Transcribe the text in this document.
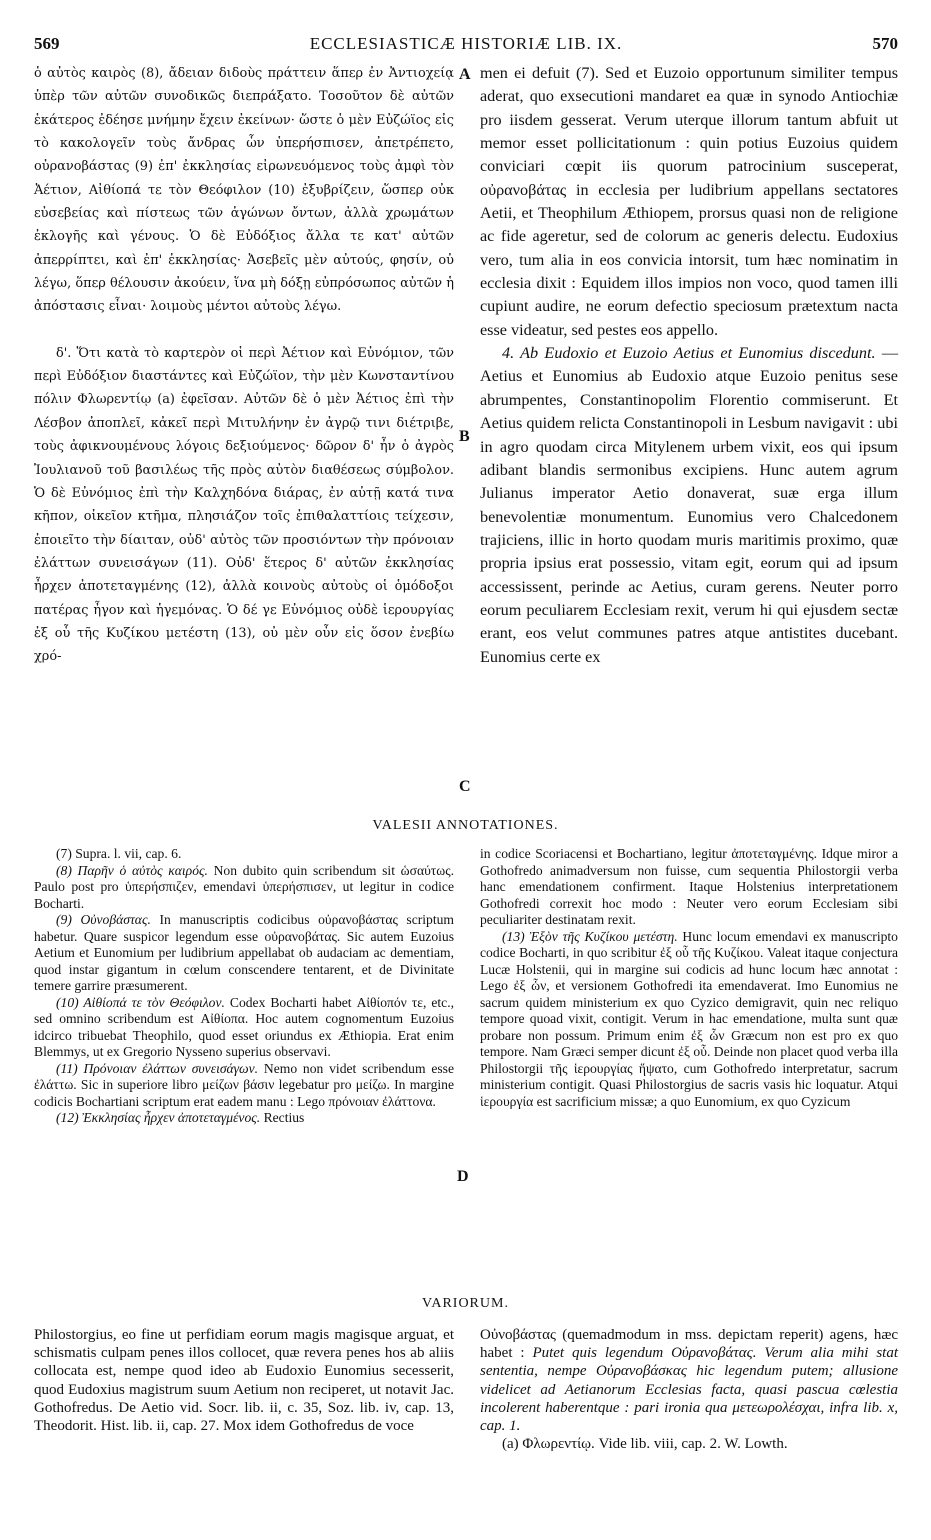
569	ECCLESIASTICÆ HISTORIÆ LIB. IX.	570

ὁ αὐτὸς καιρὸς (8), ἄδειαν διδοὺς πράττειν ἅπερ ἐν Ἀντιοχείᾳ ὑπὲρ τῶν αὐτῶν συνοδικῶς διεπράξατο. Τοσοῦτον δὲ αὐτῶν ἑκάτερος ἐδέησε μνήμην ἔχειν ἐκείνων· ὥστε ὁ μὲν Εὐζώϊος εἰς τὸ κακολογεῖν τοὺς ἄνδρας ὧν ὑπερήσπισεν, ἀπετρέπετο, οὐρανοβάστας (9) ἐπ' ἐκκλησίας εἰρωνευόμενος τοὺς ἀμφὶ τὸν Ἀέτιον, Αἰθίοπά τε τὸν Θεόφιλον (10) ἐξυβρίζειν, ὥσπερ οὐκ εὐσεβείας καὶ πίστεως τῶν ἀγώνων ὄντων, ἀλλὰ χρωμάτων ἐκλογῆς καὶ γένους. Ὁ δὲ Εὐδόξιος ἄλλα τε κατ' αὐτῶν ἀπερρίπτει, καὶ ἐπ' ἐκκλησίας· Ἀσεβεῖς μὲν αὐτούς, φησίν, οὐ λέγω, ὅπερ θέλουσιν ἀκούειν, ἵνα μὴ δόξῃ εὐπρόσωπος αὐτῶν ἡ ἀπόστασις εἶναι· λοιμοὺς μέντοι αὐτοὺς λέγω.

δ'. Ὅτι κατὰ τὸ καρτερὸν οἱ περὶ Ἀέτιον καὶ Εὐνόμιον, τῶν περὶ Εὐδόξιον διαστάντες καὶ Εὐζώϊον, τὴν μὲν Κωνσταντίνου πόλιν Φλωρεντίῳ (a) ἐφεῖσαν. Αὐτῶν δὲ ὁ μὲν Ἀέτιος ἐπὶ τὴν Λέσβον ἀποπλεῖ, κἀκεῖ περὶ Μιτυλήνην ἐν ἀγρῷ τινι διέτριβε, τοὺς ἀφικνουμένους λόγοις δεξιούμενος· δῶρον δ' ἦν ὁ ἀγρὸς Ἰουλιανοῦ τοῦ βασιλέως τῆς πρὸς αὐτὸν διαθέσεως σύμβολον. Ὁ δὲ Εὐνόμιος ἐπὶ τὴν Καλχηδόνα διάρας, ἐν αὐτῇ κατά τινα κῆπον, οἰκεῖον κτῆμα, πλησιάζον τοῖς ἐπιθαλαττίοις τείχεσιν, ἐποιεῖτο τὴν δίαιταν, οὐδ' αὐτὸς τῶν προσιόντων τὴν πρόνοιαν ἐλάττων συνεισάγων (11). Οὐδ' ἕτερος δ' αὐτῶν ἐκκλησίας ἦρχεν ἀποτεταγμένης (12), ἀλλὰ κοινοὺς αὐτοὺς οἱ ὁμόδοξοι πατέρας ἦγον καὶ ἡγεμόνας. Ὁ δέ γε Εὐνόμιος οὐδὲ ἱερουργίας ἐξ οὗ τῆς Κυζίκου μετέστη (13), οὐ μὲν οὖν εἰς ὅσον ἐνεβίω χρό-

men ei defuit (7). Sed et Euzoio opportunum similiter tempus aderat, quo exsecutioni mandaret ea quæ in synodo Antiochiæ pro iisdem gesserat. Verum uterque illorum tantum abfuit ut memor esset pollicitationum : quin potius Euzoius quidem conviciari cœpit iis quorum patrocinium susceperat, οὐρανοβάτας in ecclesia per ludibrium appellans sectatores Aetii, et Theophilum Æthiopem, prorsus quasi non de religione ac fide ageretur, sed de colorum ac generis delectu. Eudoxius vero, tum alia in eos convicia intorsit, tum hæc nominatim in ecclesia dixit : Equidem illos impios non voco, quod tamen illi cupiunt audire, ne eorum defectio speciosum prætextum nacta esse videatur, sed pestes eos appello.

4. Ab Eudoxio et Euzoio Aetius et Eunomius discedunt. — Aetius et Eunomius ab Eudoxio atque Euzoio penitus sese abrumpentes, Constantinopolim Florentio commiserunt. Et Aetius quidem relicta Constantinopoli in Lesbum navigavit : ubi in agro quodam circa Mitylenem urbem vixit, eos qui ipsum adibant blandis sermonibus excipiens. Hunc autem agrum Julianus imperator Aetio donaverat, suæ erga illum benevolentiæ monumentum. Eunomius vero Chalcedonem trajiciens, illic in horto quodam muris maritimis proximo, quæ propria ipsius erat possessio, vitam egit, eorum qui ad ipsum accessissent, perinde ac Aetius, curam gerens. Neuter porro eorum peculiarem Ecclesiam rexit, verum hi qui ejusdem sectæ erant, eos velut communes patres atque antistites ducebant. Eunomius certe ex

A
B
C
D
VALESII ANNOTATIONES.

(7) Supra. l. vii, cap. 6.

(8) Παρῆν ὁ αὐτὸς καιρός. Non dubito quin scribendum sit ὡσαύτως. Paulo post pro ὑπερήσπιζεν, emendavi ὑπερήσπισεν, ut legitur in codice Bocharti.

(9) Οὐνοβάστας. In manuscriptis codicibus οὐρανοβάστας scriptum habetur. Quare suspicor legendum esse οὐρανοβάτας. Sic autem Euzoius Aetium et Eunomium per ludibrium appellabat ob audaciam ac dementiam, quod instar gigantum in cœlum conscendere tentarent, et de Divinitate temere garrire præsumerent.

(10) Αἰθίοπά τε τὸν Θεόφιλον. Codex Bocharti habet Αἰθίοπόν τε, etc., sed omnino scribendum est Αἰθίοπα. Hoc autem cognomentum Euzoius idcirco tribuebat Theophilo, quod esset oriundus ex Æthiopia. Erat enim Blemmys, ut ex Gregorio Nysseno superius observavi.

(11) Πρόνοιαν ἐλάττων συνεισάγων. Nemo non videt scribendum esse ἐλάττω. Sic in superiore libro μείζων βάσιν legebatur pro μείζω. In margine codicis Bochartiani scriptum erat eadem manu : Lego πρόνοιαν ἐλάττονα.

(12) Ἐκκλησίας ἦρχεν ἀποτεταγμένος. Rectius

in codice Scoriacensi et Bochartiano, legitur ἀποτεταγμένης. Idque miror a Gothofredo animadversum non fuisse, cum sequentia Philostorgii verba hanc emendationem confirment. Itaque Holstenius interpretationem Gothofredi correxit hoc modo : Neuter vero eorum Ecclesiam sibi peculiariter destinatam rexit.

(13) Ἐξὸν τῆς Κυζίκου μετέστη. Hunc locum emendavi ex manuscripto codice Bocharti, in quo scribitur ἐξ οὗ τῆς Κυζίκου. Valeat itaque conjectura Lucæ Holstenii, qui in margine sui codicis ad hunc locum hæc annotat : Lego ἐξ ὧν, et versionem Gothofredi ita emendaverat. Imo Eunomius ne sacrum quidem ministerium ex quo Cyzico demigravit, quin nec reliquo tempore quoad vixit, contigit. Verum in hac emendatione, multa sunt quæ probare non possum. Primum enim ἐξ ὧν Græcum non est pro ex quo tempore. Nam Græci semper dicunt ἐξ οὗ. Deinde non placet quod verba illa Philostorgii τῆς ἱερουργίας ἥψατο, cum Gothofredo interpretatur, sacrum ministerium contigit. Quasi Philostorgius de sacris vasis hic loquatur. Atqui ἱερουργία est sacrificium missæ; a quo Eunomium, ex quo Cyzicum

VARIORUM.

Philostorgius, eo fine ut perfidiam eorum magis magisque arguat, et schismatis culpam penes illos collocet, quæ revera penes hos ab aliis collocata est, nempe quod ideo ab Eudoxio Eunomius secesserit, quod Eudoxius magistrum suum Aetium non reciperet, ut notavit Jac. Gothofredus. De Aetio vid. Socr. lib. ii, c. 35, Soz. lib. iv, cap. 13, Theodorit. Hist. lib. ii, cap. 27. Mox idem Gothofredus de voce

Οὐνοβάστας (quemadmodum in mss. depictam reperit) agens, hæc habet : Putet quis legendum Οὐρανοβάτας. Verum alia mihi stat sententia, nempe Οὐρανοβάσκας hic legendum putem; allusione videlicet ad Aetianorum Ecclesias facta, quasi pascua cœlestia incolerent haberentque : pari ironia qua μετεωρολέσχαι, infra lib. x, cap. 1.

(a) Φλωρεντίῳ. Vide lib. viii, cap. 2. W. Lowth.
